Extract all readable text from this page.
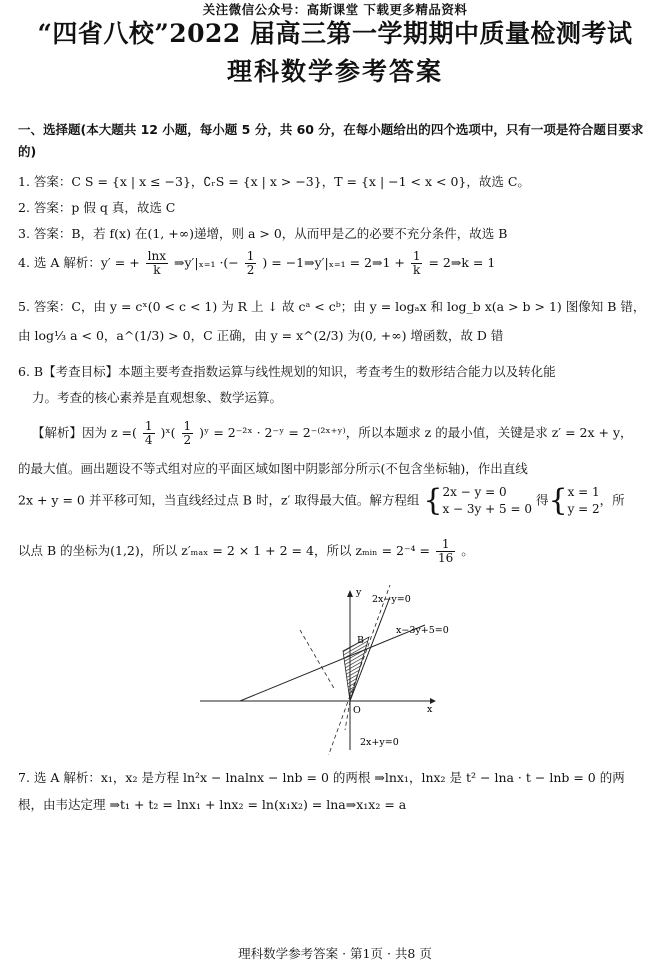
关注微信公众号：高斯课堂 下载更多精品资料
“四省八校”2022 届高三第一学期期中质量检测考试
理科数学参考答案
一、选择题(本大题共 12 小题，每小题 5 分，共 60 分，在每小题给出的四个选项中，只有一项是符合题目要求的)
1. 答案：C S = {x | x ≤ −3}，∁ᵣS = {x | x > −3}，T = {x | −1 < x < 0}，故选 C。
2. 答案：p 假 q 真，故选 C
3. 答案：B，若 f(x) 在(1, +∞)递增，则 a > 0，从而甲是乙的必要不充分条件，故选 B
4. 选 A 解析：y′ = + $\frac{\ln x}{k}$ ⇒y′|ₓ₌₁ ·(− $\frac{1}{2}$ ) = −1⇒y′|ₓ₌₁ = 2⇒1 + $\frac{1}{k}$ = 2⇒k = 1
5. 答案：C，由 y = cˣ(0 < c < 1) 为 R 上 ↓ 故 cᵃ < cᵇ；由 y = logₐx 和 log_b x(a > b > 1) 图像知 B 错，
由 log⅓ a < 0，a^(1/3) > 0，C 正确，由 y = x^(2/3) 为(0, +∞) 增函数，故 D 错
6. B【考查目标】本题主要考查指数运算与线性规划的知识，考查考生的数形结合能力以及转化能
力。考查的核心素养是直观想象、数学运算。
【解析】因为 z =( $\frac{1}{4}$ )ˣ( $\frac{1}{2}$ )ʸ = 2⁻²ˣ · 2⁻ʸ = 2⁻⁽²ˣ⁺ʸ⁾，所以本题求 z 的最小值，关键是求 z′ = 2x + y，
的最大值。画出题设不等式组对应的平面区域如图中阴影部分所示(不包含坐标轴)，作出直线
2x + y = 0 并平移可知，当直线经过点 B 时，z′ 取得最大值。解方程组 { 2x − y = 0
x − 3y + 5 = 0
得{ x = 1
y = 2
，所
以点 B 的坐标为(1,2)，所以 z′ₘₐₓ = 2 × 1 + 2 = 4，所以 zₘᵢₙ = $2^{-4} = \frac{1}{16}$ 。
y
x
O
B
2x−y=0
x−3y+5=0
2x+y=0
7. 选 A 解析：x₁，x₂ 是方程 ln²x − lnalnx − lnb = 0 的两根 ⇒lnx₁，lnx₂ 是 t² − lna · t − lnb = 0 的两
根，由韦达定理 ⇒t₁ + t₂ = lnx₁ + lnx₂ = ln(x₁x₂) = lna⇒x₁x₂ = a
理科数学参考答案 · 第1页 · 共8 页
